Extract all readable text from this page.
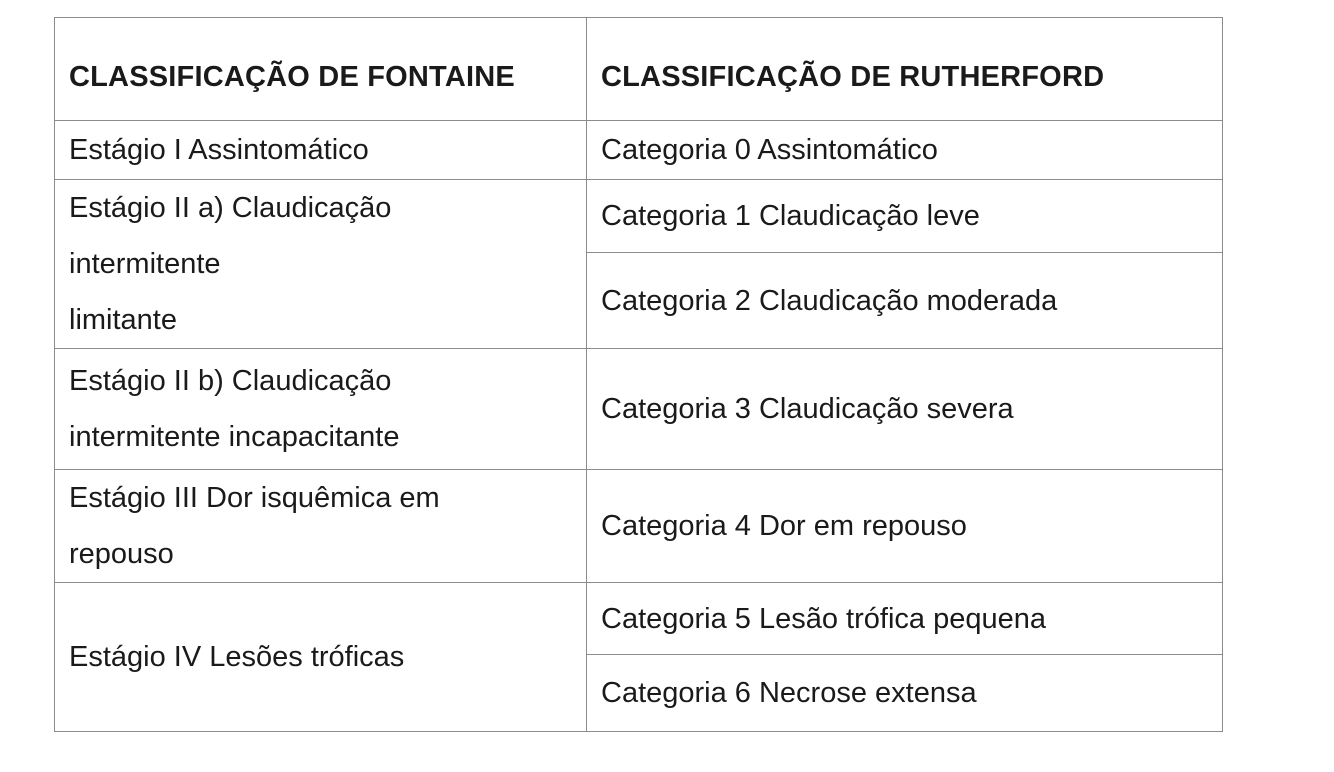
CLASSIFICAÇÃO DE FONTAINE	CLASSIFICAÇÃO DE RUTHERFORD
Estágio I Assintomático	Categoria 0 Assintomático
Estágio II a) Claudicação
intermitente
limitante	Categoria 1 Claudicação leve
	Categoria 2 Claudicação moderada
Estágio II b) Claudicação
intermitente incapacitante	Categoria 3 Claudicação severa
Estágio III Dor isquêmica em
repouso	Categoria 4 Dor em repouso
Estágio IV Lesões tróficas	Categoria 5 Lesão trófica pequena
	Categoria 6 Necrose extensa
